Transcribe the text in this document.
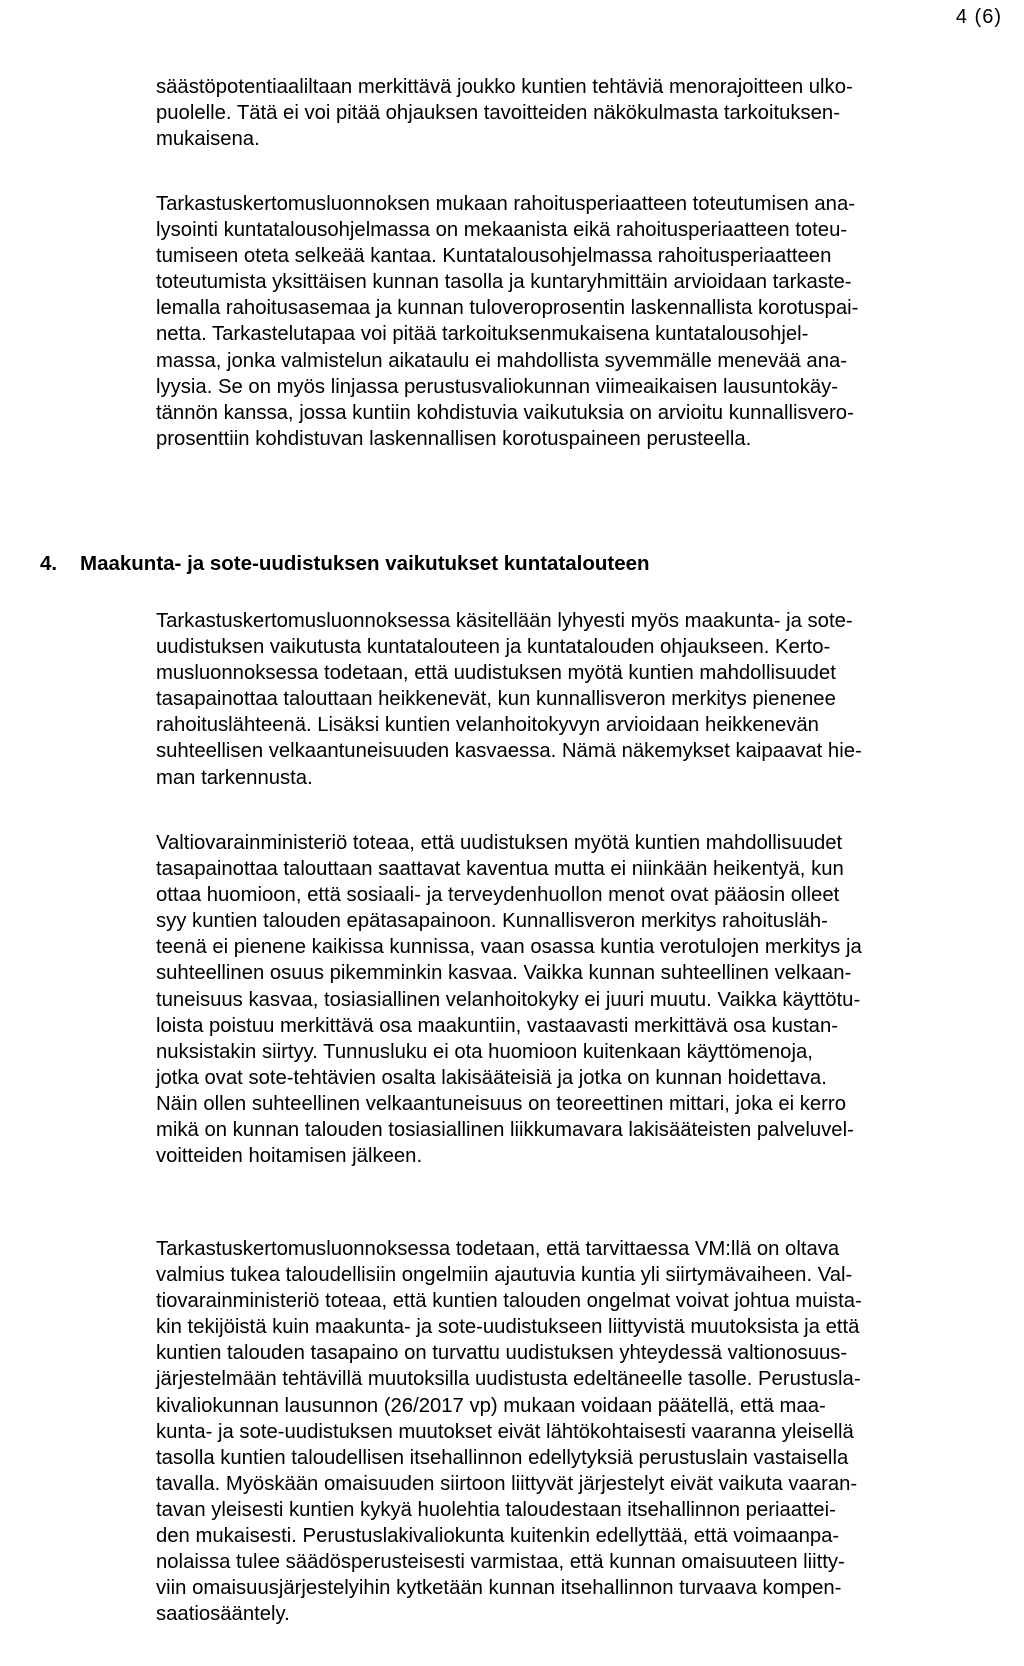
4 (6)

säästöpotentiaaliltaan merkittävä joukko kuntien tehtäviä menorajoitteen ulko-
puolelle. Tätä ei voi pitää ohjauksen tavoitteiden näkökulmasta tarkoituksen-
mukaisena.

Tarkastuskertomusluonnoksen mukaan rahoitusperiaatteen toteutumisen ana-
lysointi kuntatalousohjelmassa on mekaanista eikä rahoitusperiaatteen toteu-
tumiseen oteta selkeää kantaa. Kuntatalousohjelmassa rahoitusperiaatteen
toteutumista yksittäisen kunnan tasolla ja kuntaryhmittäin arvioidaan tarkaste-
lemalla rahoitusasemaa ja kunnan tuloveroprosentin laskennallista korotuspai-
netta. Tarkastelutapaa voi pitää tarkoituksenmukaisena kuntatalousohjel-
massa, jonka valmistelun aikataulu ei mahdollista syvemmälle menevää ana-
lyysia. Se on myös linjassa perustusvaliokunnan viimeaikaisen lausuntokäy-
tännön kanssa, jossa kuntiin kohdistuvia vaikutuksia on arvioitu kunnallisvero-
prosenttiin kohdistuvan laskennallisen korotuspaineen perusteella.

4. Maakunta- ja sote-uudistuksen vaikutukset kuntatalouteen

Tarkastuskertomusluonnoksessa käsitellään lyhyesti myös maakunta- ja sote-
uudistuksen vaikutusta kuntatalouteen ja kuntatalouden ohjaukseen. Kerto-
musluonnoksessa todetaan, että uudistuksen myötä kuntien mahdollisuudet
tasapainottaa talouttaan heikkenevät, kun kunnallisveron merkitys pienenee
rahoituslähteenä. Lisäksi kuntien velanhoitokyvyn arvioidaan heikkenevän
suhteellisen velkaantuneisuuden kasvaessa. Nämä näkemykset kaipaavat hie-
man tarkennusta.

Valtiovarainministeriö toteaa, että uudistuksen myötä kuntien mahdollisuudet
tasapainottaa talouttaan saattavat kaventua mutta ei niinkään heikentyä, kun
ottaa huomioon, että sosiaali- ja terveydenhuollon menot ovat pääosin olleet
syy kuntien talouden epätasapainoon. Kunnallisveron merkitys rahoitusläh-
teenä ei pienene kaikissa kunnissa, vaan osassa kuntia verotulojen merkitys ja
suhteellinen osuus pikemminkin kasvaa. Vaikka kunnan suhteellinen velkaan-
tuneisuus kasvaa, tosiasiallinen velanhoitokyky ei juuri muutu. Vaikka käyttötu-
loista poistuu merkittävä osa maakuntiin, vastaavasti merkittävä osa kustan-
nuksistakin siirtyy. Tunnusluku ei ota huomioon kuitenkaan käyttömenoja,
jotka ovat sote-tehtävien osalta lakisääteisiä ja jotka on kunnan hoidettava.
Näin ollen suhteellinen velkaantuneisuus on teoreettinen mittari, joka ei kerro
mikä on kunnan talouden tosiasiallinen liikkumavara lakisääteisten palveluvel-
voitteiden hoitamisen jälkeen.

Tarkastuskertomusluonnoksessa todetaan, että tarvittaessa VM:llä on oltava
valmius tukea taloudellisiin ongelmiin ajautuvia kuntia yli siirtymävaiheen. Val-
tiovarainministeriö toteaa, että kuntien talouden ongelmat voivat johtua muista-
kin tekijöistä kuin maakunta- ja sote-uudistukseen liittyvistä muutoksista ja että
kuntien talouden tasapaino on turvattu uudistuksen yhteydessä valtionosuus-
järjestelmään tehtävillä muutoksilla uudistusta edeltäneelle tasolle. Perustusla-
kivaliokunnan lausunnon (26/2017 vp) mukaan voidaan päätellä, että maa-
kunta- ja sote-uudistuksen muutokset eivät lähtökohtaisesti vaaranna yleisellä
tasolla kuntien taloudellisen itsehallinnon edellytyksiä perustuslain vastaisella
tavalla. Myöskään omaisuuden siirtoon liittyvät järjestelyt eivät vaikuta vaaran-
tavan yleisesti kuntien kykyä huolehtia taloudestaan itsehallinnon periaattei-
den mukaisesti. Perustuslakivaliokunta kuitenkin edellyttää, että voimaanpa-
nolaissa tulee säädösperusteisesti varmistaa, että kunnan omaisuuteen liitty-
viin omaisuusjärjestelyihin kytketään kunnan itsehallinnon turvaava kompen-
saatiosääntely.
